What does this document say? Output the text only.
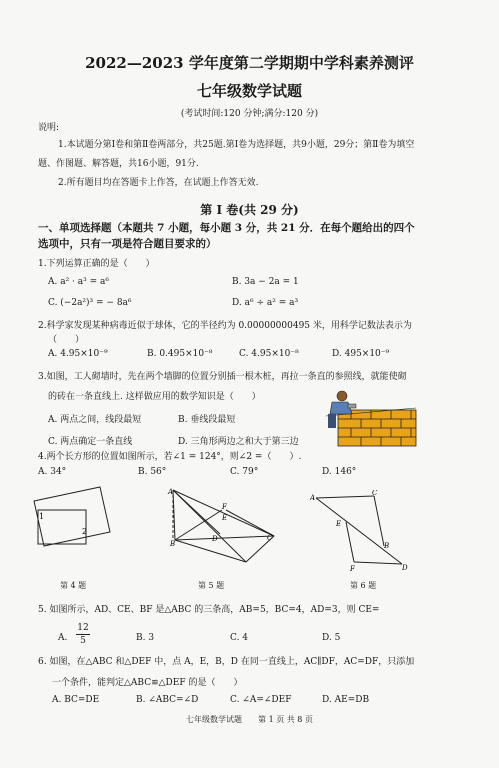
2022—2023 学年度第二学期期中学科素养测评
七年级数学试题
(考试时间:120 分钟;满分:120 分)
说明:
1.本试题分第Ⅰ卷和第Ⅱ卷两部分，共25题.第Ⅰ卷为选择题，共9小题，29分；第Ⅱ卷为填空
题、作图题、解答题，共16小题，91分.
2.所有题目均在答题卡上作答，在试题上作答无效.
第 Ⅰ 卷(共 29 分)
一、单项选择题（本题共 7 小题，每小题 3 分，共 21 分．在每个题给出的四个
选项中，只有一项是符合题目要求的）
1.下列运算正确的是（　　）
A. a² · a³ = a⁶	B. 3a − 2a = 1
C. (−2a²)³ = − 8a⁶	D. a⁶ ÷ a² = a³
2.科学家发现某种病毒近似于球体，它的半径约为 0.00000000495 米，用科学记数法表示为
（　　）
A. 4.95×10⁻⁹	B. 0.495×10⁻⁸	C. 4.95×10⁻⁸	D. 495×10⁻⁹
3.如图，工人砌墙时，先在两个墙脚的位置分别插一根木桩，再拉一条直的参照线，就能使砌
的砖在一条直线上. 这样做应用的数学知识是（　　）
A. 两点之间，线段最短	B. 垂线段最短
C. 两点确定一条直线	D. 三角形两边之和大于第三边
4.两个长方形的位置如图所示，若∠1 = 124°，则∠2 =（　　）.
A. 34°	B. 56°	C. 79°	D. 146°
1
2
第 4 题
A
B
C
D
E
F
第 5 题
A
C
E
B
F	D
第 6 题
5. 如图所示，AD、CE、BF 是△ABC 的三条高，AB=5，BC=4，AD=3，则 CE=
A. $\frac{12}{5}$	B. 3	C. 4	D. 5
6. 如图，在△ABC 和△DEF 中，点 A，E，B，D 在同一直线上，AC∥DF，AC=DF，只添加
一个条件，能判定△ABC≌△DEF 的是（　　）
A. BC=DE	B. ∠ABC=∠D	C. ∠A=∠DEF	D. AE=DB
七年级数学试题　　第 1 页 共 8 页
